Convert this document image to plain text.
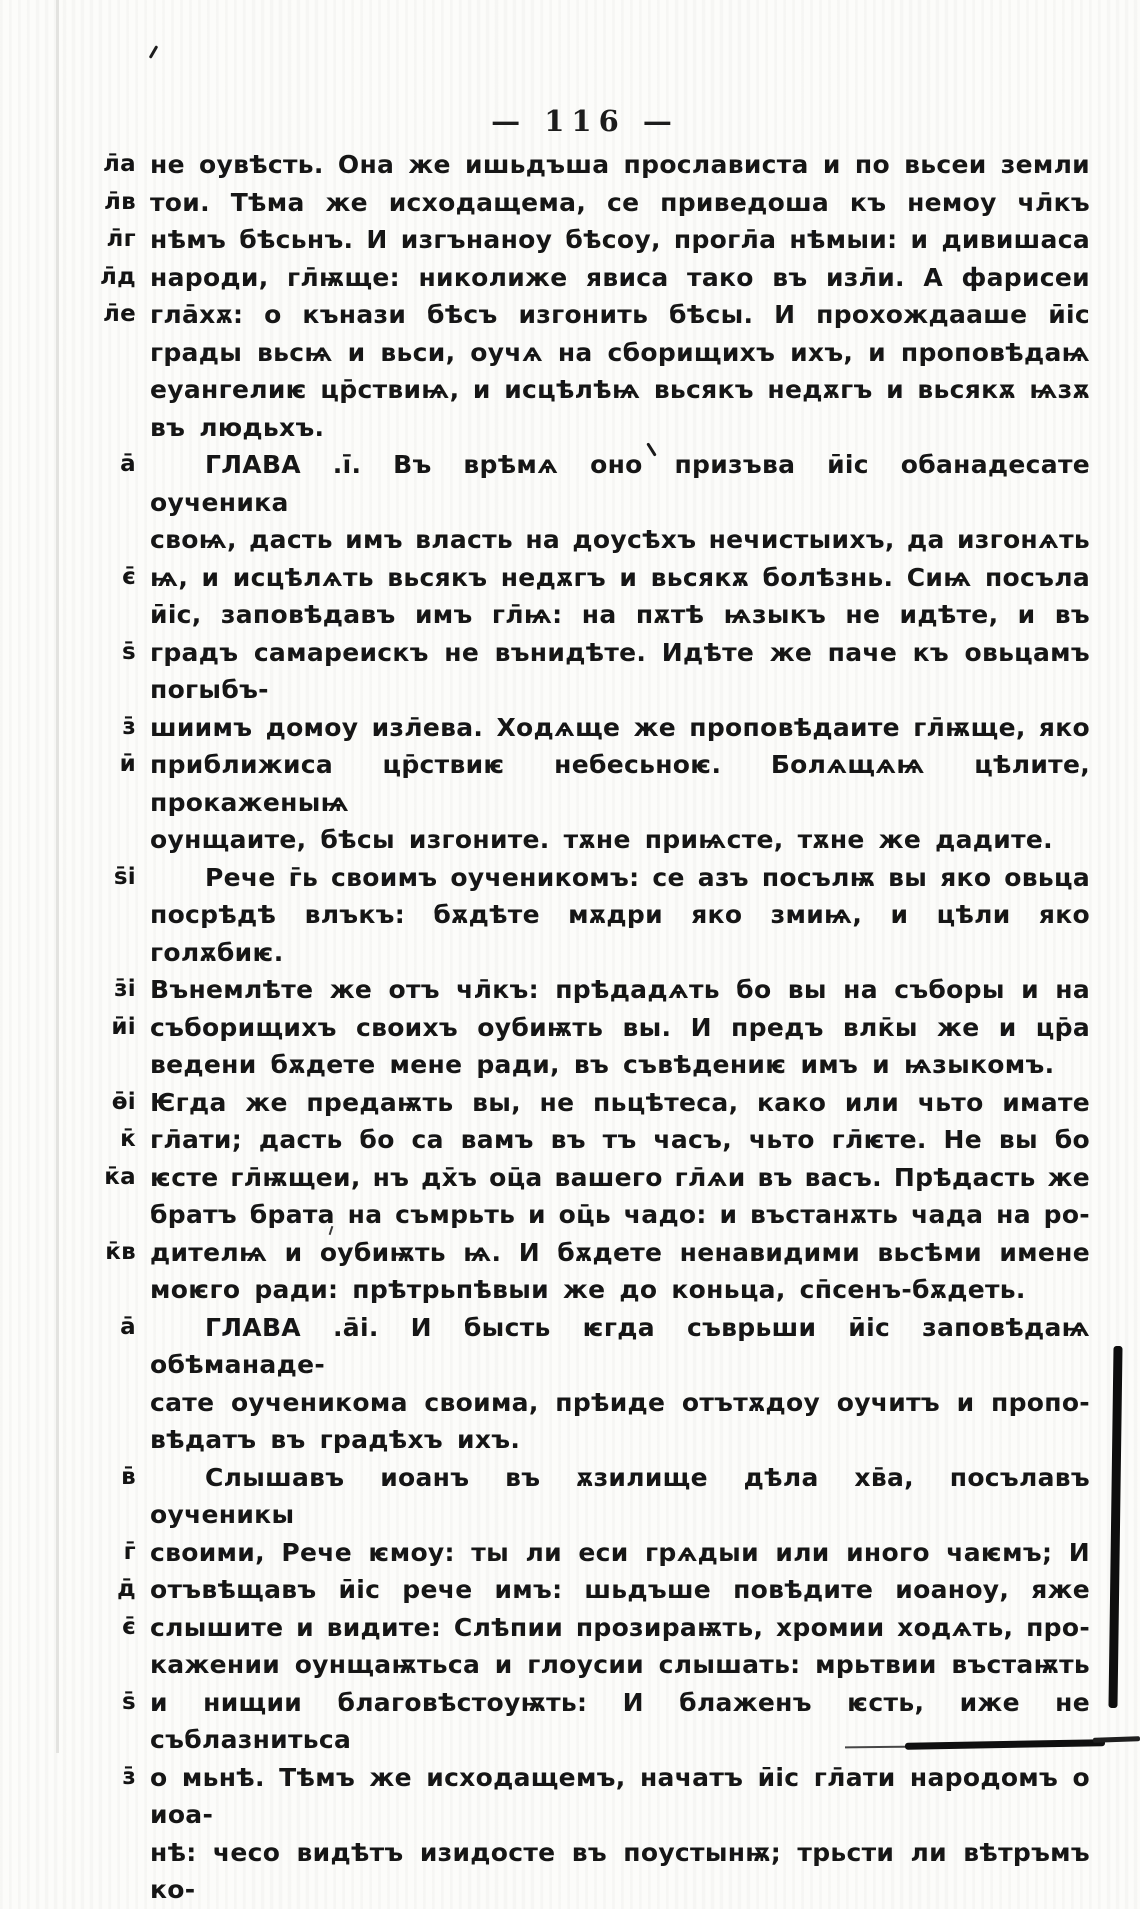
— 116 —
л̄а не оувѣсть. Она же ишьдъша прослависта и по вьсеи земли
л̄в тои. Тѣма же исходащема, се приведоша къ немоу чл̄къ
л̄г нѣмъ бѣсьнъ. И изгънаноу бѣсоу, прогл̄а нѣмыи: и дивишаса
л̄д народи, гл̄ѭще: николиже явиса тако въ изл̄и. А фарисеи
л̄е гла̄хѫ: о кънази бѣсъ изгонить бѣсы. И прохождааше ӣіс
грады вьсѩ и вьси, оучѧ на сборищихъ ихъ, и проповѣдаѩ
еуангелиѥ цр̄ствиѩ, и исцѣлѣѩ вьсякъ недѫгъ и вьсякѫ ѩзѫ
въ людьхъ.
а̄	ГЛАВА .і̄. Въ врѣмѧ оно призъва ӣіс обанадесате оученика
своѩ, дасть имъ власть на доусѣхъ нечистыихъ, да изгонѧть
є̄ ѩ, и исцѣлѧть вьсякъ недѫгъ и вьсякѫ болѣзнь. Сиѩ посъла
ӣіс, заповѣдавъ имъ гл̄ѩ: на пѫтѣ ѩзыкъ не идѣте, и въ
ѕ̄ градъ самареискъ не вънидѣте. Идѣте же паче къ овьцамъ погыбъ-
з̄ шиимъ домоу изл̄ева. Ходѧще же проповѣдаите гл̄ѭще, яко
ӣ приближиса цр̄ствиѥ небесьноѥ. Болѧщѧѩ цѣлите, прокаженыѩ
оунщаите, бѣсы изгоните. тѫне приѩсте, тѫне же дадите.
ѕ̄і	Рече г̄ь своимъ оученикомъ: се азъ посълѭ вы яко овьца
посрѣдѣ влъкъ: бѫдѣте мѫдри яко змиѩ, и цѣли яко голѫбиѥ.
з̄і Вънемлѣте же отъ чл̄къ: прѣдадѧть бо вы на съборы и на
ӣі съборищихъ своихъ оубиѭть вы. И предъ влк̄ы же и цр̄а
ведени бѫдете мене ради, въ съвѣдениѥ имъ и ѩзыкомъ.
ѳ̄і Ѥгда же предаѭть вы, не пьцѣтеса, како или чьто имате
к̄ гл̄ати; дасть бо са вамъ въ тъ часъ, чьто гл̄ѥте. Не вы бо
к̄а ѥсте гл̄ѭщеи, нъ дх̄ъ оц̄а вашего гл̄ѧи въ васъ. Прѣдасть же
братъ брата на съмрьть и оц̄ь чадо: и въстанѫть чада на ро-
к̄в дителѩ и оубиѭть ѩ. И бѫдете ненавидими вьсѣми имене
моѥго ради: прѣтрьпѣвыи же до коньца, сп̄сенъ-бѫдеть.
а̄	ГЛАВА .а̄і. И бысть ѥгда съврьши ӣіс заповѣдаѩ обѣманаде-
сате оученикома своима, прѣиде отътѫдоу оучитъ и пропо-
вѣдатъ въ градѣхъ ихъ.
в̄	Слышавъ иоанъ въ ѫзилище дѣла хв̄а, посълавъ оученикы
г̄ своими, Рече ѥмоу: ты ли еси грѧдыи или иного чаѥмъ; И
д̄ отъвѣщавъ ӣіс рече имъ: шьдъше повѣдите иоаноу, яже
є̄ слышите и видите: Слѣпии прозираѭть, хромии ходѧть, про-
кажении оунщаѭтьса и глоусии слышать: мрьтвии въстаѭть
ѕ̄ и нищии благовѣстоуѭть: И блаженъ ѥсть, иже не съблазнитьса
з̄ о мьнѣ. Тѣмъ же исходащемъ, начатъ ӣіс гл̄ати народомъ о иоа-
нѣ: чесо видѣтъ изидосте въ поустынѭ; трьсти ли вѣтръмъ ко-
